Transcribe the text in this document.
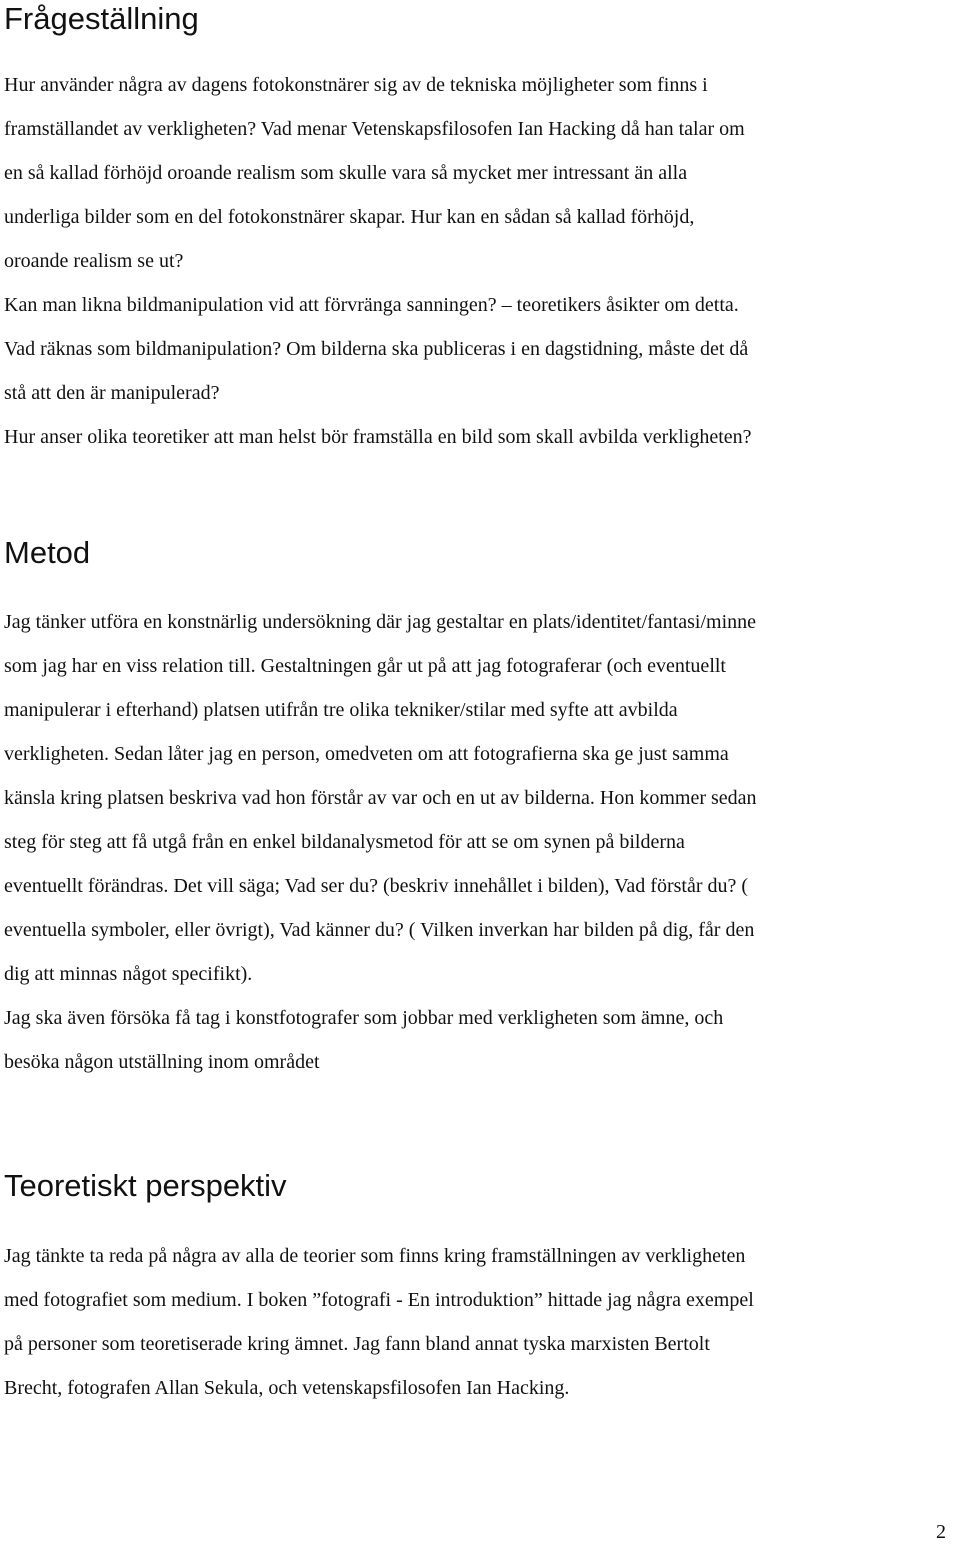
Frågeställning
Hur använder några av dagens fotokonstnärer sig av de tekniska möjligheter som finns i
framställandet av verkligheten? Vad menar Vetenskapsfilosofen Ian Hacking då han talar om
en så kallad förhöjd oroande realism som skulle vara så mycket mer intressant än alla
underliga bilder som en del fotokonstnärer skapar. Hur kan en sådan så kallad förhöjd,
oroande realism se ut?
Kan man likna bildmanipulation vid att förvränga sanningen? – teoretikers åsikter om detta.
Vad räknas som bildmanipulation? Om bilderna ska publiceras i en dagstidning, måste det då
stå att den är manipulerad?
Hur anser olika teoretiker att man helst bör framställa en bild som skall avbilda verkligheten?
Metod
Jag tänker utföra en konstnärlig undersökning där jag gestaltar en plats/identitet/fantasi/minne
som jag har en viss relation till. Gestaltningen går ut på att jag fotograferar (och eventuellt
manipulerar i efterhand) platsen utifrån tre olika tekniker/stilar med syfte att avbilda
verkligheten. Sedan låter jag en person, omedveten om att fotografierna ska ge just samma
känsla kring platsen beskriva vad hon förstår av var och en ut av bilderna. Hon kommer sedan
steg för steg att få utgå från en enkel bildanalysmetod för att se om synen på bilderna
eventuellt förändras. Det vill säga; Vad ser du? (beskriv innehållet i bilden), Vad förstår du? (
eventuella symboler, eller övrigt), Vad känner du? ( Vilken inverkan har bilden på dig, får den
dig att minnas något specifikt).
Jag ska även försöka få tag i konstfotografer som jobbar med verkligheten som ämne, och
besöka någon utställning inom området
Teoretiskt perspektiv
Jag tänkte ta reda på några av alla de teorier som finns kring framställningen av verkligheten
med fotografiet som medium. I boken ”fotografi - En introduktion” hittade jag några exempel
på personer som teoretiserade kring ämnet. Jag fann bland annat tyska marxisten Bertolt
Brecht, fotografen Allan Sekula, och vetenskapsfilosofen Ian Hacking.
2
